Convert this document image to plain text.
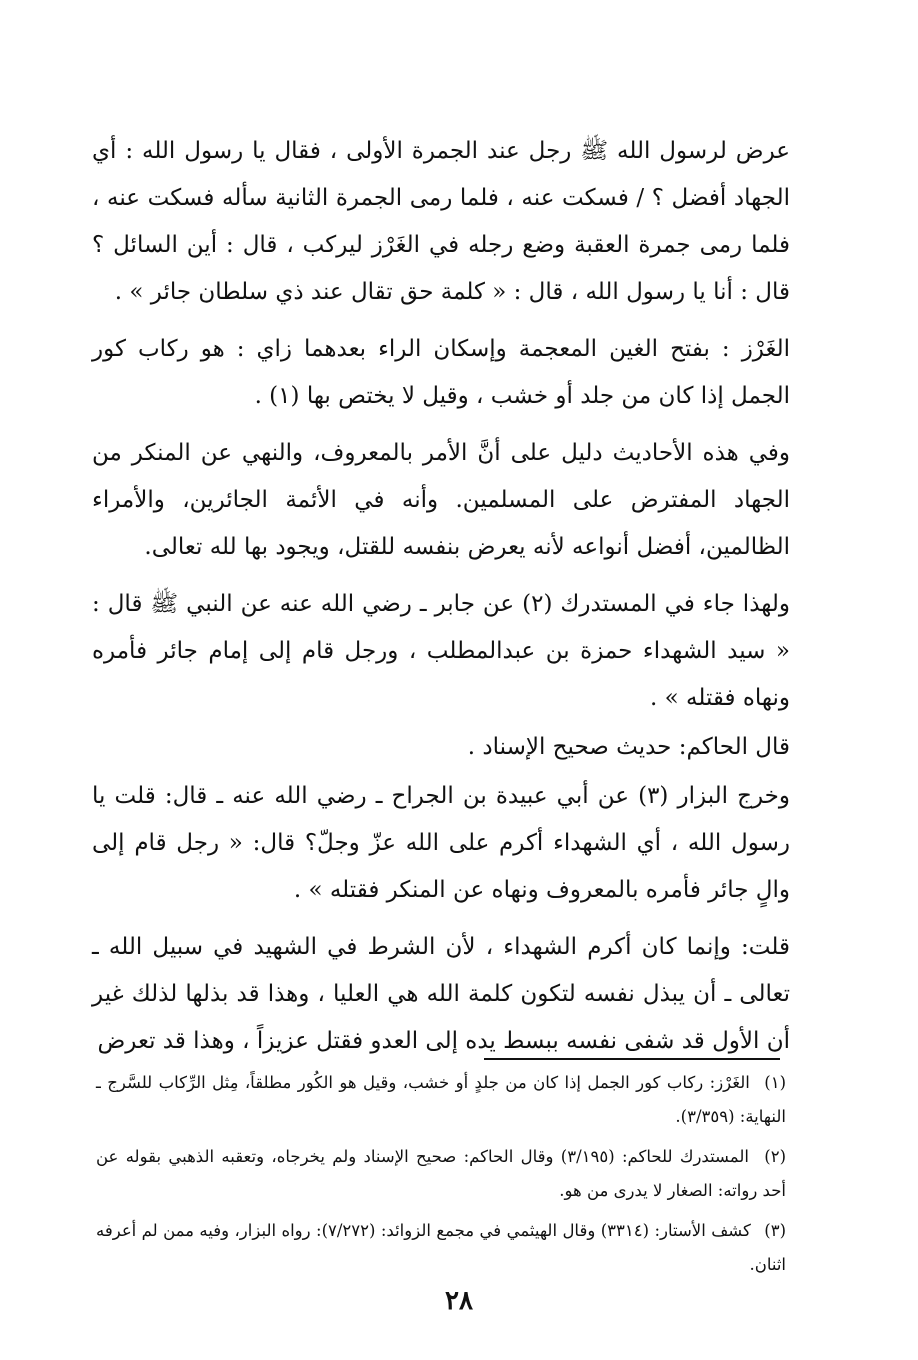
عرض لرسول الله ﷺ رجل عند الجمرة الأولى ، فقال يا رسول الله : أي الجهاد أفضل ؟ / فسكت عنه ، فلما رمى الجمرة الثانية سأله فسكت عنه ، فلما رمى جمرة العقبة وضع رجله في الغَرْز ليركب ، قال : أين السائل ؟ قال : أنا يا رسول الله ، قال : « كلمة حق تقال عند ذي سلطان جائر » .

الغَرْز : بفتح الغين المعجمة وإسكان الراء بعدهما زاي : هو ركاب كور الجمل إذا كان من جلد أو خشب ، وقيل لا يختص بها (١) .

وفي هذه الأحاديث دليل على أنَّ الأمر بالمعروف، والنهي عن المنكر من الجهاد المفترض على المسلمين. وأنه في الأئمة الجائرين، والأمراء الظالمين، أفضل أنواعه لأنه يعرض بنفسه للقتل، ويجود بها لله تعالى.

ولهذا جاء في المستدرك (٢) عن جابر ـ رضي الله عنه عن النبي ﷺ قال : « سيد الشهداء حمزة بن عبدالمطلب ، ورجل قام إلى إمام جائر فأمره ونهاه فقتله » .

قال الحاكم: حديث صحيح الإسناد .

وخرج البزار (٣) عن أبي عبيدة بن الجراح ـ رضي الله عنه ـ قال: قلت يا رسول الله ، أي الشهداء أكرم على الله عزّ وجلّ؟ قال: « رجل قام إلى والٍ جائر فأمره بالمعروف ونهاه عن المنكر فقتله » .

قلت: وإنما كان أكرم الشهداء ، لأن الشرط في الشهيد في سبيل الله ـ تعالى ـ أن يبذل نفسه لتكون كلمة الله هي العليا ، وهذا قد بذلها لذلك غير أن الأول قد شفى نفسه ببسط يده إلى العدو فقتل عزيزاً ، وهذا قد تعرض

(١) الغَرْز: ركاب كور الجمل إذا كان من جلدٍ أو خشب، وقيل هو الكُور مطلقاً، مِثل الرِّكاب للسَّرج ـ النهاية: (٣/٣٥٩).

(٢) المستدرك للحاكم: (٣/١٩٥) وقال الحاكم: صحيح الإسناد ولم يخرجاه، وتعقبه الذهبي بقوله عن أحد رواته: الصغار لا يدرى من هو.

(٣) كشف الأستار: (٣٣١٤) وقال الهيثمي في مجمع الزوائد: (٧/٢٧٢): رواه البزار، وفيه ممن لم أعرفه اثنان.

٢٨
